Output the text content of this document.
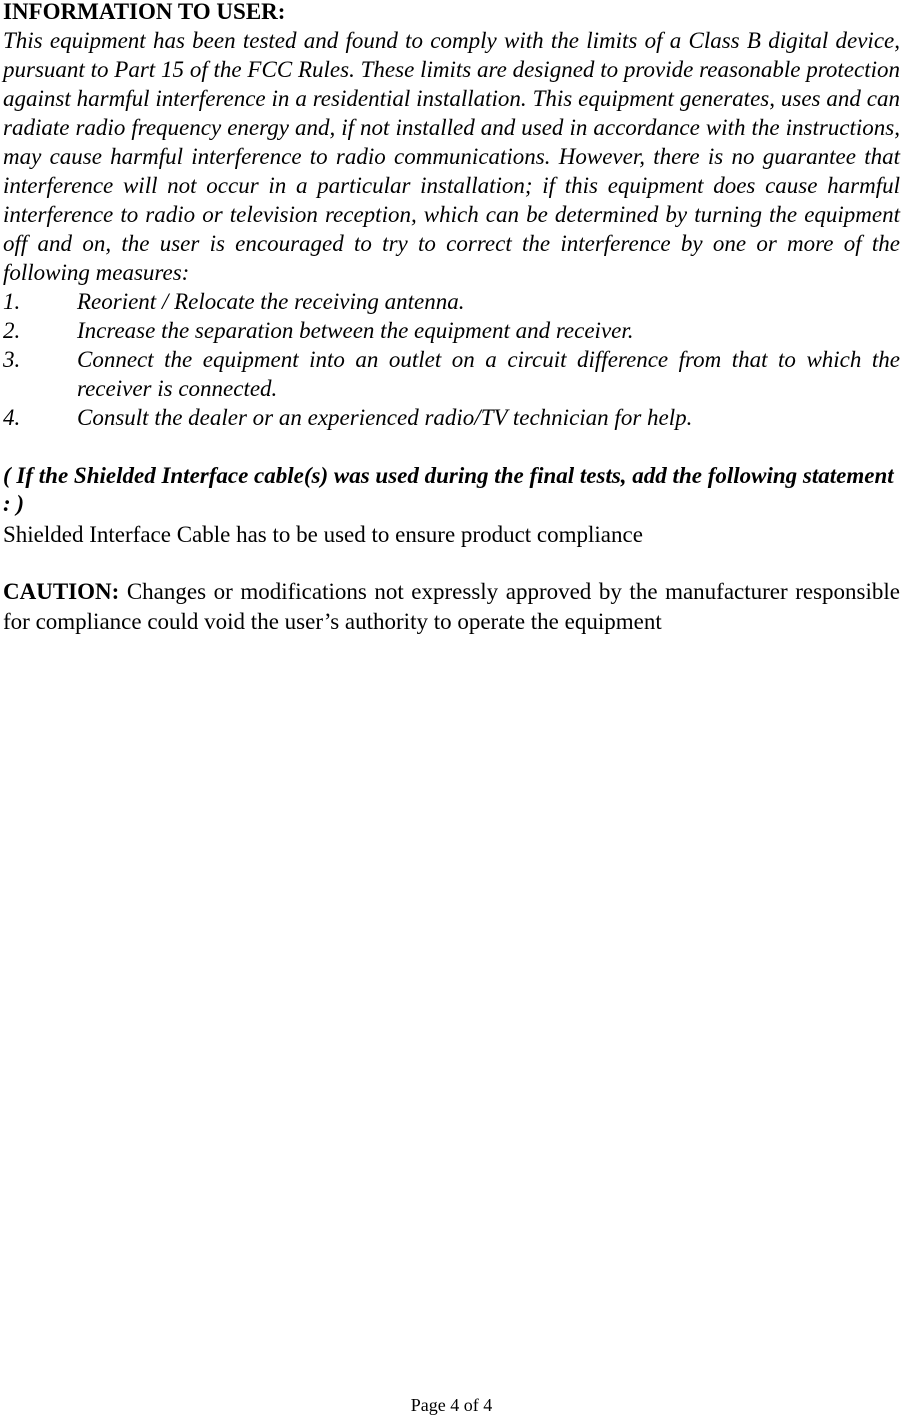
INFORMATION TO USER:

This equipment has been tested and found to comply with the limits of a Class B digital device, pursuant to Part 15 of the FCC Rules. These limits are designed to provide reasonable protection against harmful interference in a residential installation. This equipment generates, uses and can radiate radio frequency energy and, if not installed and used in accordance with the instructions, may cause harmful interference to radio communications. However, there is no guarantee that interference will not occur in a particular installation; if this equipment does cause harmful interference to radio or television reception, which can be determined by turning the equipment off and on, the user is encouraged to try to correct the interference by one or more of the following measures:

1.	Reorient / Relocate the receiving antenna.
2.	Increase the separation between the equipment and receiver.
3.	Connect the equipment into an outlet on a circuit difference from that to which the receiver is connected.
4.	Consult the dealer or an experienced radio/TV technician for help.

( If the Shielded Interface cable(s) was used during the final tests, add the following statement : )

Shielded Interface Cable has to be used to ensure product compliance

CAUTION: Changes or modifications not expressly approved by the manufacturer responsible for compliance could void the user’s authority to operate the equipment

Page 4 of 4
